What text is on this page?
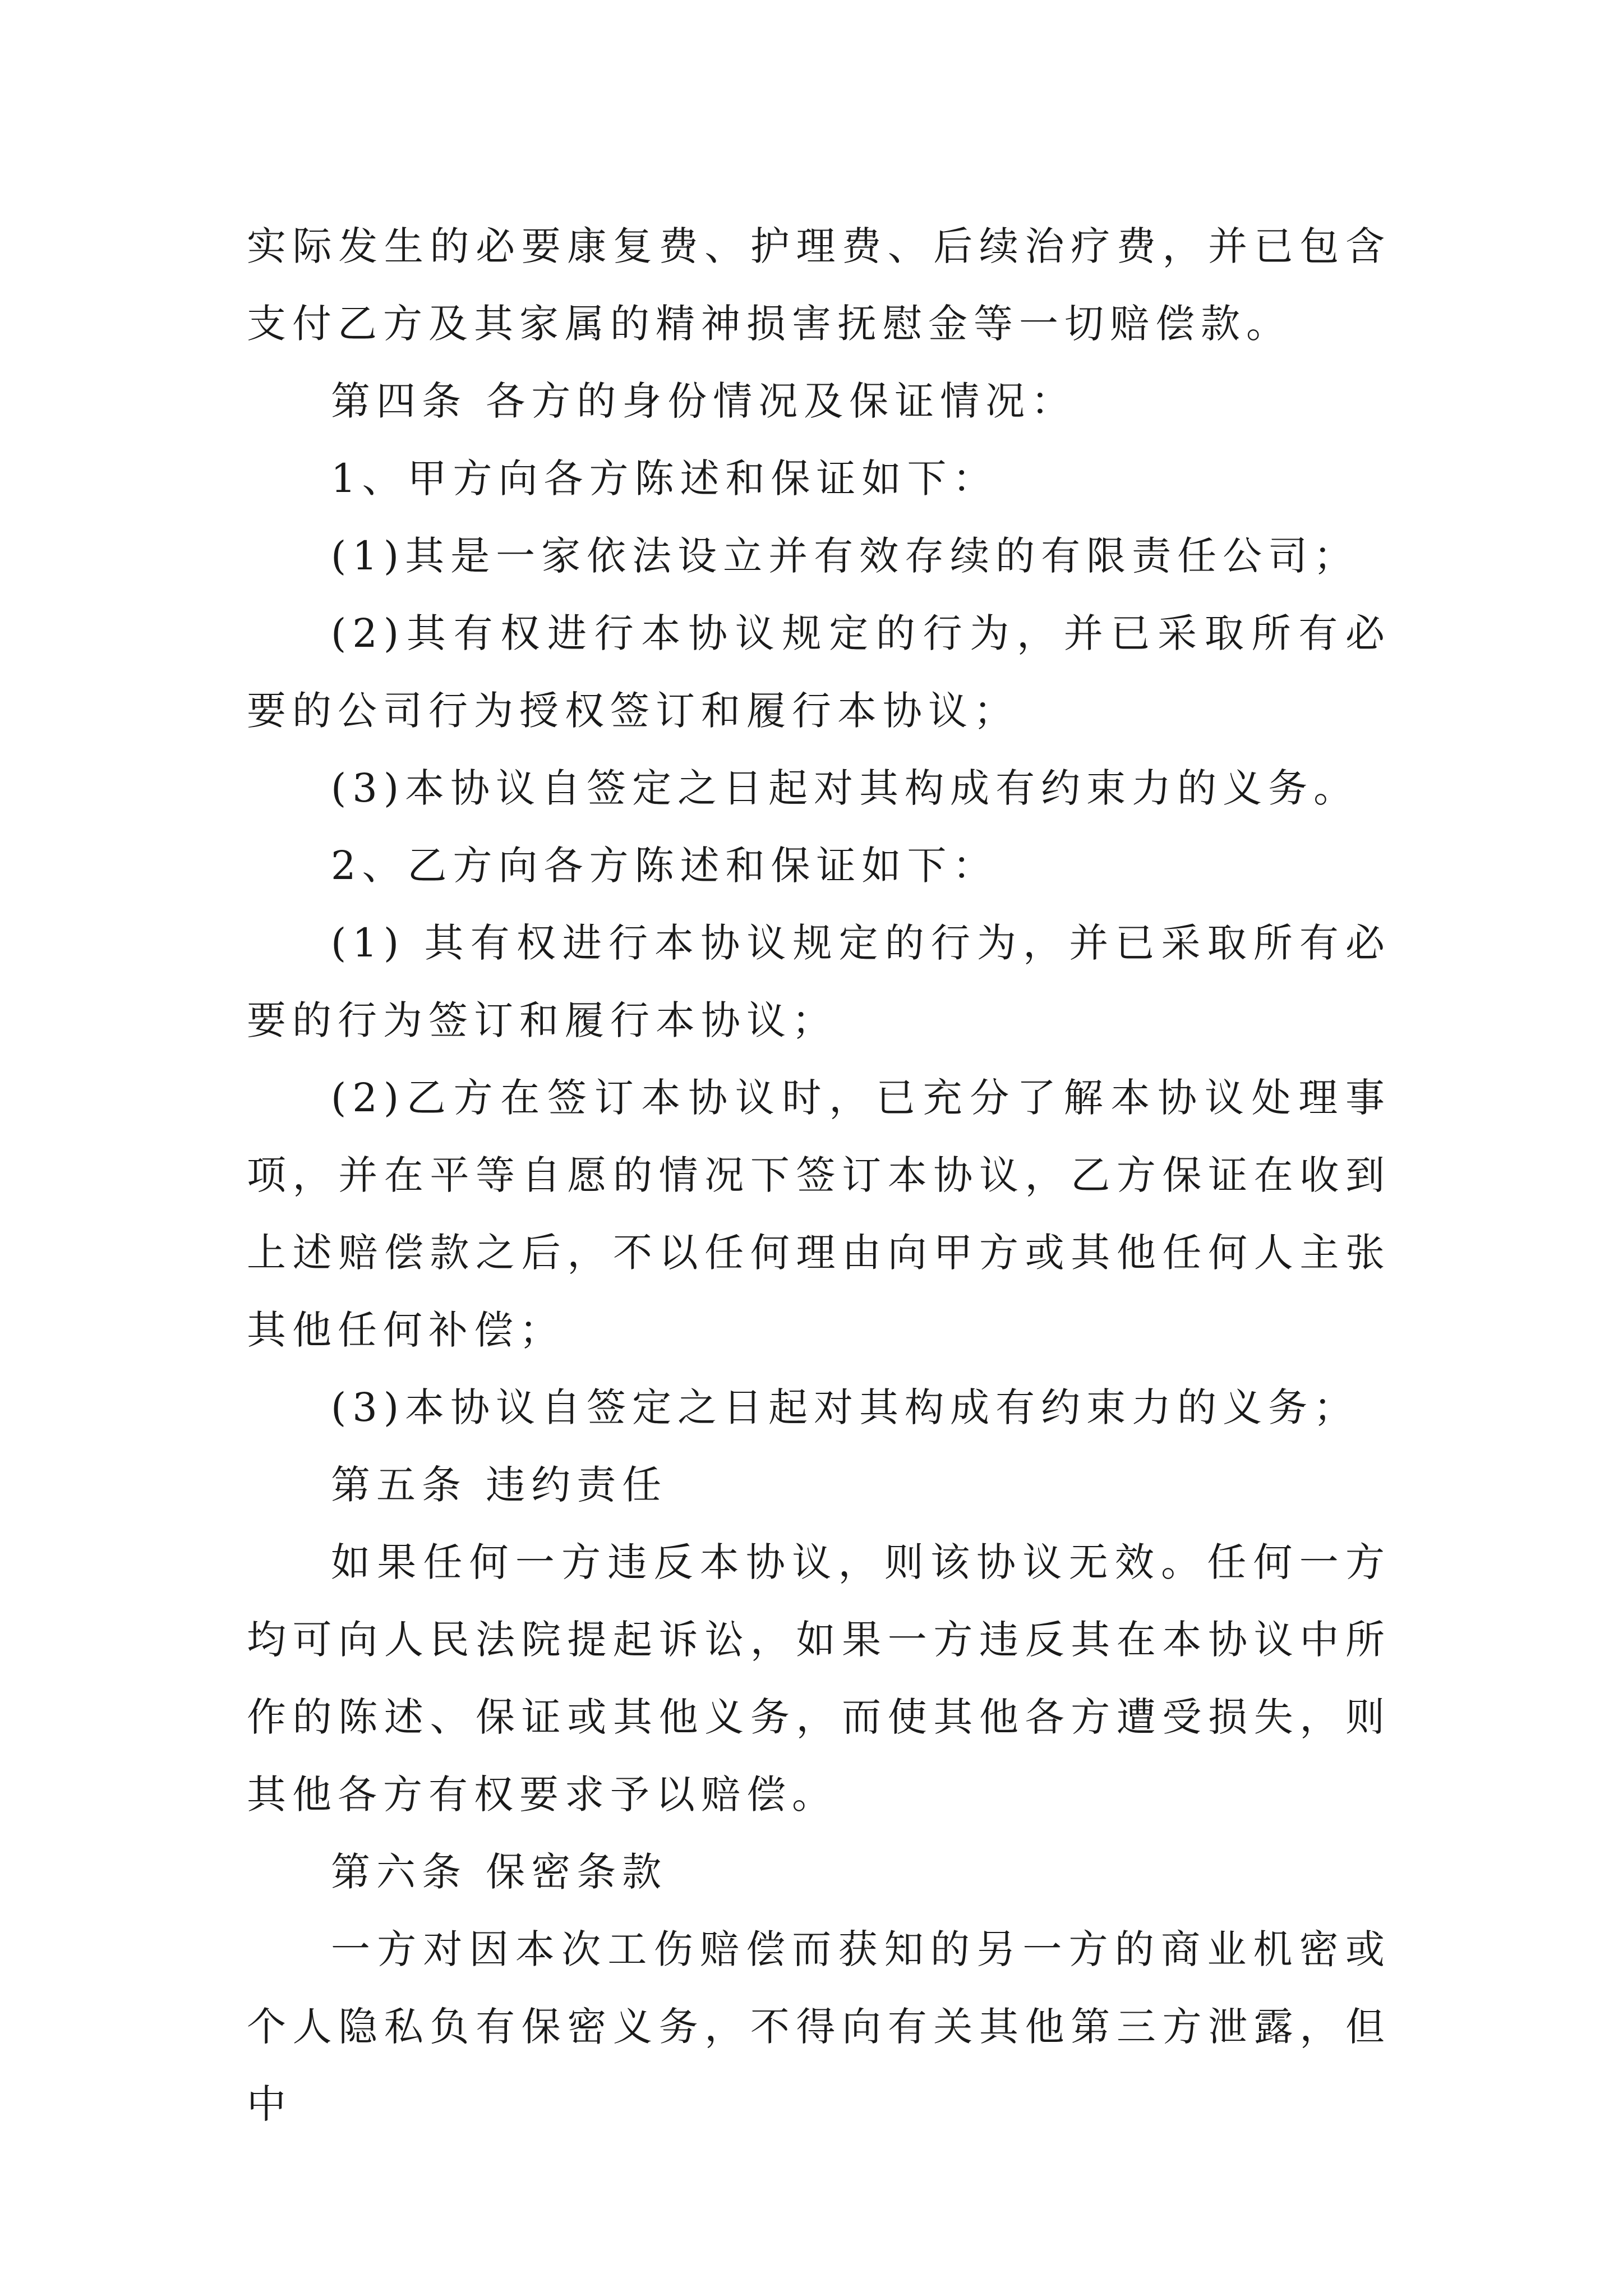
实际发生的必要康复费、护理费、后续治疗费，并已包含支付乙方及其家属的精神损害抚慰金等一切赔偿款。

第四条 各方的身份情况及保证情况：

1、甲方向各方陈述和保证如下：

(1)其是一家依法设立并有效存续的有限责任公司；

(2)其有权进行本协议规定的行为，并已采取所有必要的公司行为授权签订和履行本协议；

(3)本协议自签定之日起对其构成有约束力的义务。

2、乙方向各方陈述和保证如下：

(1) 其有权进行本协议规定的行为，并已采取所有必要的行为签订和履行本协议；

(2)乙方在签订本协议时，已充分了解本协议处理事项，并在平等自愿的情况下签订本协议，乙方保证在收到上述赔偿款之后，不以任何理由向甲方或其他任何人主张其他任何补偿；

(3)本协议自签定之日起对其构成有约束力的义务；

第五条 违约责任

如果任何一方违反本协议，则该协议无效。任何一方均可向人民法院提起诉讼，如果一方违反其在本协议中所作的陈述、保证或其他义务，而使其他各方遭受损失，则其他各方有权要求予以赔偿。

第六条 保密条款

一方对因本次工伤赔偿而获知的另一方的商业机密或个人隐私负有保密义务，不得向有关其他第三方泄露，但中
